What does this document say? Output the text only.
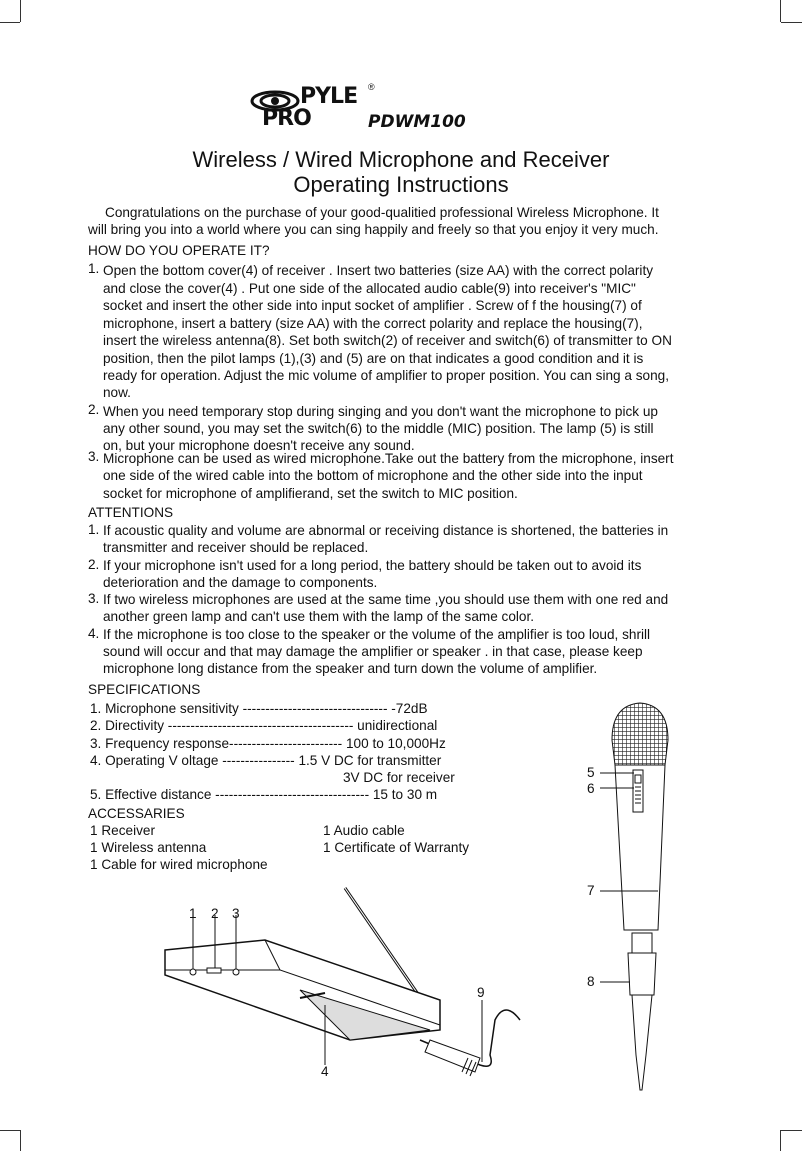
PYLE ®
PRO	PDWM100
Wireless / Wired Microphone and Receiver
Operating Instructions
Congratulations on the purchase of your good-qualitied professional Wireless Microphone. It
will bring you into a world where you can sing happily and freely so that you enjoy it very much.
HOW DO YOU OPERATE IT?
1. Open the bottom cover(4) of receiver . Insert two batteries (size AA) with the correct polarity
and close the cover(4) . Put one side of the allocated audio cable(9) into receiver's "MIC"
socket and insert the other side into input socket of amplifier . Screw of f the housing(7) of
microphone, insert a battery (size AA) with the correct polarity and replace the housing(7),
insert the wireless antenna(8). Set both switch(2) of receiver and switch(6) of transmitter to ON
position, then the pilot lamps (1),(3) and (5) are on that indicates a good condition and it is
ready for operation. Adjust the mic volume of amplifier to proper position. You can sing a song,
now.
2. When you need temporary stop during singing and you don't want the microphone to pick up
any other sound, you may set the switch(6) to the middle (MIC) position. The lamp (5) is still
on, but your microphone doesn't receive any sound.
3. Microphone can be used as wired microphone.Take out the battery from the microphone, insert
one side of the wired cable into the bottom of microphone and the other side into the input
socket for microphone of amplifierand, set the switch to MIC position.
ATTENTIONS
1. If acoustic quality and volume are abnormal or receiving distance is shortened, the batteries in
transmitter and receiver should be replaced.
2. If your microphone isn't used for a long period, the battery should be taken out to avoid its
deterioration and the damage to components.
3. If two wireless microphones are used at the same time ,you should use them with one red and
another green lamp and can't use them with the lamp of the same color.
4. If the microphone is too close to the speaker or the volume of the amplifier is too loud, shrill
sound will occur and that may damage the amplifier or speaker . in that case, please keep
microphone long distance from the speaker and turn down the volume of amplifier.
SPECIFICATIONS
1. Microphone sensitivity -------------------------------- -72dB
2. Directivity ----------------------------------------- unidirectional
3. Frequency response------------------------- 100 to 10,000Hz
4. Operating V oltage ---------------- 1.5 V DC for transmitter
3V DC for receiver
5. Effective distance ---------------------------------- 15 to 30 m
ACCESSARIES
1 Receiver
1 Wireless antenna
1 Cable for wired microphone
1 Audio cable
1 Certificate of Warranty
5
6
7
8
1 2 3
4
9
